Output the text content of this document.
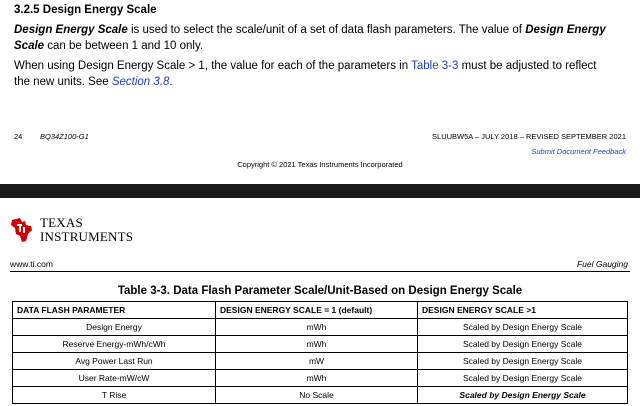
3.2.5 Design Energy Scale
Design Energy Scale is used to select the scale/unit of a set of data flash parameters. The value of Design Energy Scale can be between 1 and 10 only.
When using Design Energy Scale > 1, the value for each of the parameters in Table 3-3 must be adjusted to reflect the new units. See Section 3.8.
24 BQ34Z100-G1	SLUUBW5A – JULY 2018 – REVISED SEPTEMBER 2021
Submit Document Feedback
Copyright © 2021 Texas Instruments Incorporated
TEXAS
INSTRUMENTS
www.ti.com	Fuel Gauging
Table 3-3. Data Flash Parameter Scale/Unit-Based on Design Energy Scale
DATA FLASH PARAMETER	DESIGN ENERGY SCALE = 1 (default)	DESIGN ENERGY SCALE >1
Design Energy	mWh	Scaled by Design Energy Scale
Reserve Energy-mWh/cWh	mWh	Scaled by Design Energy Scale
Avg Power Last Run	mW	Scaled by Design Energy Scale
User Rate-mW/cW	mWh	Scaled by Design Energy Scale
T Rise	No Scale	Scaled by Design Energy Scale
